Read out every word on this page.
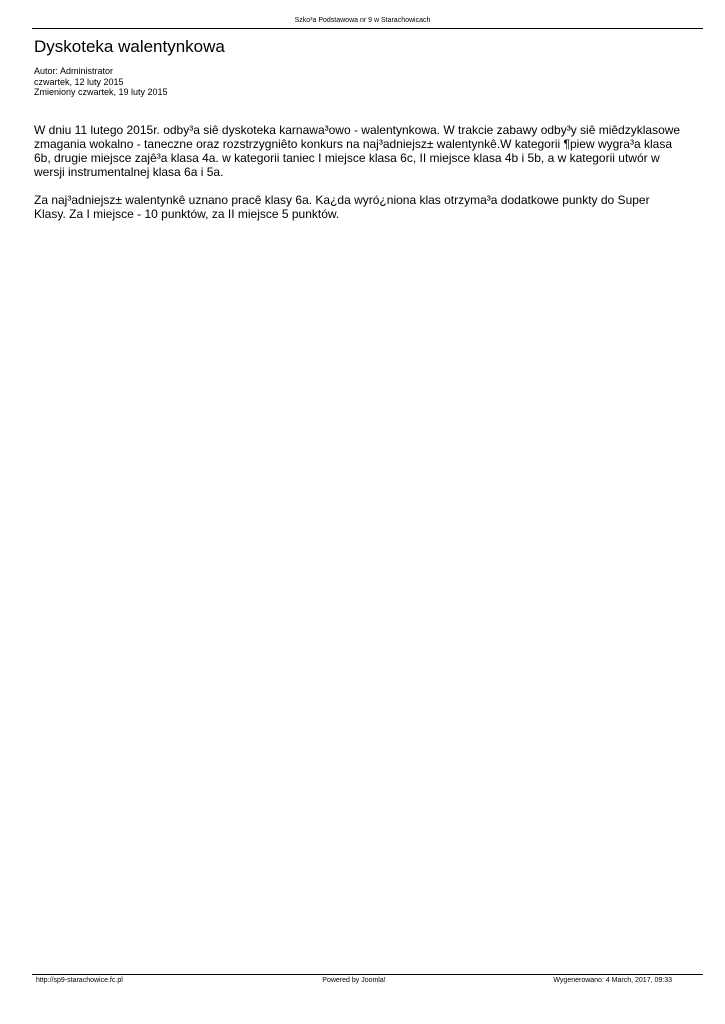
Szko³a Podstawowa nr 9 w Starachowicach
Dyskoteka walentynkowa
Autor: Administrator
czwartek, 12 luty 2015
Zmieniony czwartek, 19 luty 2015

W dniu 11 lutego 2015r. odby³a siê dyskoteka karnawa³owo - walentynkowa. W trakcie zabawy odby³y siê miêdzyklasowe zmagania wokalno - taneczne oraz rozstrzygniêto konkurs na naj³adniejsz± walentynkê.W kategorii ¶piew wygra³a klasa 6b, drugie miejsce zajê³a klasa 4a. w kategorii taniec I miejsce klasa 6c, II miejsce klasa 4b i 5b, a w kategorii utwór w wersji instrumentalnej klasa 6a i 5a.

Za naj³adniejsz± walentynkê uznano pracê klasy 6a. Ka¿da wyró¿niona klas otrzyma³a dodatkowe punkty do Super Klasy. Za I miejsce - 10 punktów, za II miejsce 5 punktów.

http://sp9-starachowice.fc.pl	Powered by Joomla!	Wygenerowano: 4 March, 2017, 09:33
